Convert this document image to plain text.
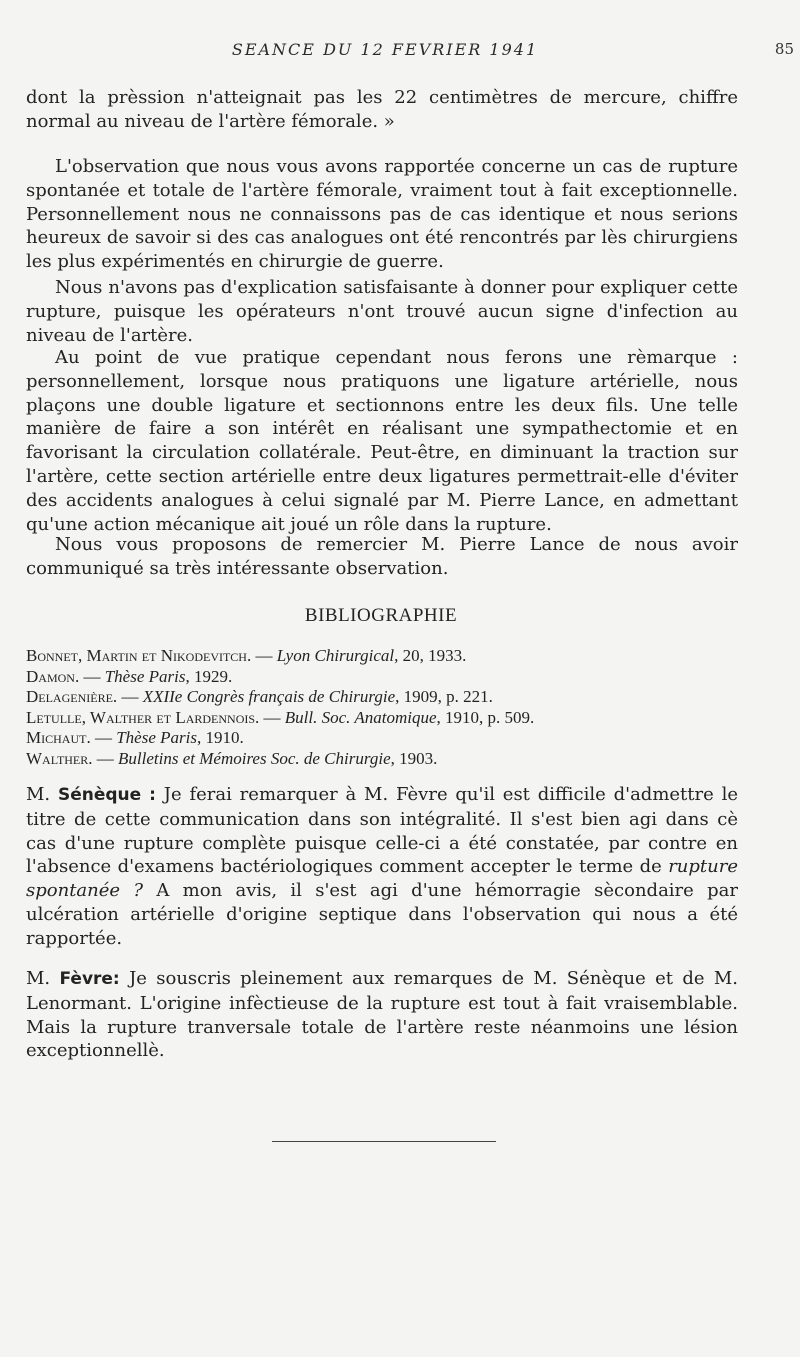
SEANCE DU 12 FEVRIER 1941	85

dont la prèssion n'atteignait pas les 22 centimètres de mercure, chiffre normal au niveau de l'artère fémorale. »

L'observation que nous vous avons rapportée concerne un cas de rupture spontanée et totale de l'artère fémorale, vraiment tout à fait exceptionnelle. Personnellement nous ne connaissons pas de cas identique et nous serions heureux de savoir si des cas analogues ont été rencontrés par lès chirurgiens les plus expérimentés en chirurgie de guerre.

Nous n'avons pas d'explication satisfaisante à donner pour expliquer cette rupture, puisque les opérateurs n'ont trouvé aucun signe d'infection au niveau de l'artère.

Au point de vue pratique cependant nous ferons une rèmarque : personnellement, lorsque nous pratiquons une ligature artérielle, nous plaçons une double ligature et sectionnons entre les deux fils. Une telle manière de faire a son intérêt en réalisant une sympathectomie et en favorisant la circulation collatérale. Peut-être, en diminuant la traction sur l'artère, cette section artérielle entre deux ligatures permettrait-elle d'éviter des accidents analogues à celui signalé par M. Pierre Lance, en admettant qu'une action mécanique ait joué un rôle dans la rupture.

Nous vous proposons de remercier M. Pierre Lance de nous avoir communiqué sa très intéressante observation.

BIBLIOGRAPHIE
Bonnet, Martin et Nikodevitch. — Lyon Chirurgical, 20, 1933.
Damon. — Thèse Paris, 1929.
Delagenière. — XXIIe Congrès français de Chirurgie, 1909, p. 221.
Letulle, Walther et Lardennois. — Bull. Soc. Anatomique, 1910, p. 509.
Michaut. — Thèse Paris, 1910.
Walther. — Bulletins et Mémoires Soc. de Chirurgie, 1903.

M. Sénèque : Je ferai remarquer à M. Fèvre qu'il est difficile d'admettre le titre de cette communication dans son intégralité. Il s'est bien agi dans cè cas d'une rupture complète puisque celle-ci a été constatée, par contre en l'absence d'examens bactériologiques comment accepter le terme de rupture spontanée ? A mon avis, il s'est agi d'une hémorragie sècondaire par ulcération artérielle d'origine septique dans l'observation qui nous a été rapportée.

M. Fèvre: Je souscris pleinement aux remarques de M. Sénèque et de M. Lenormant. L'origine infèctieuse de la rupture est tout à fait vraisemblable. Mais la rupture tranversale totale de l'artère reste néanmoins une lésion exceptionnellè.
